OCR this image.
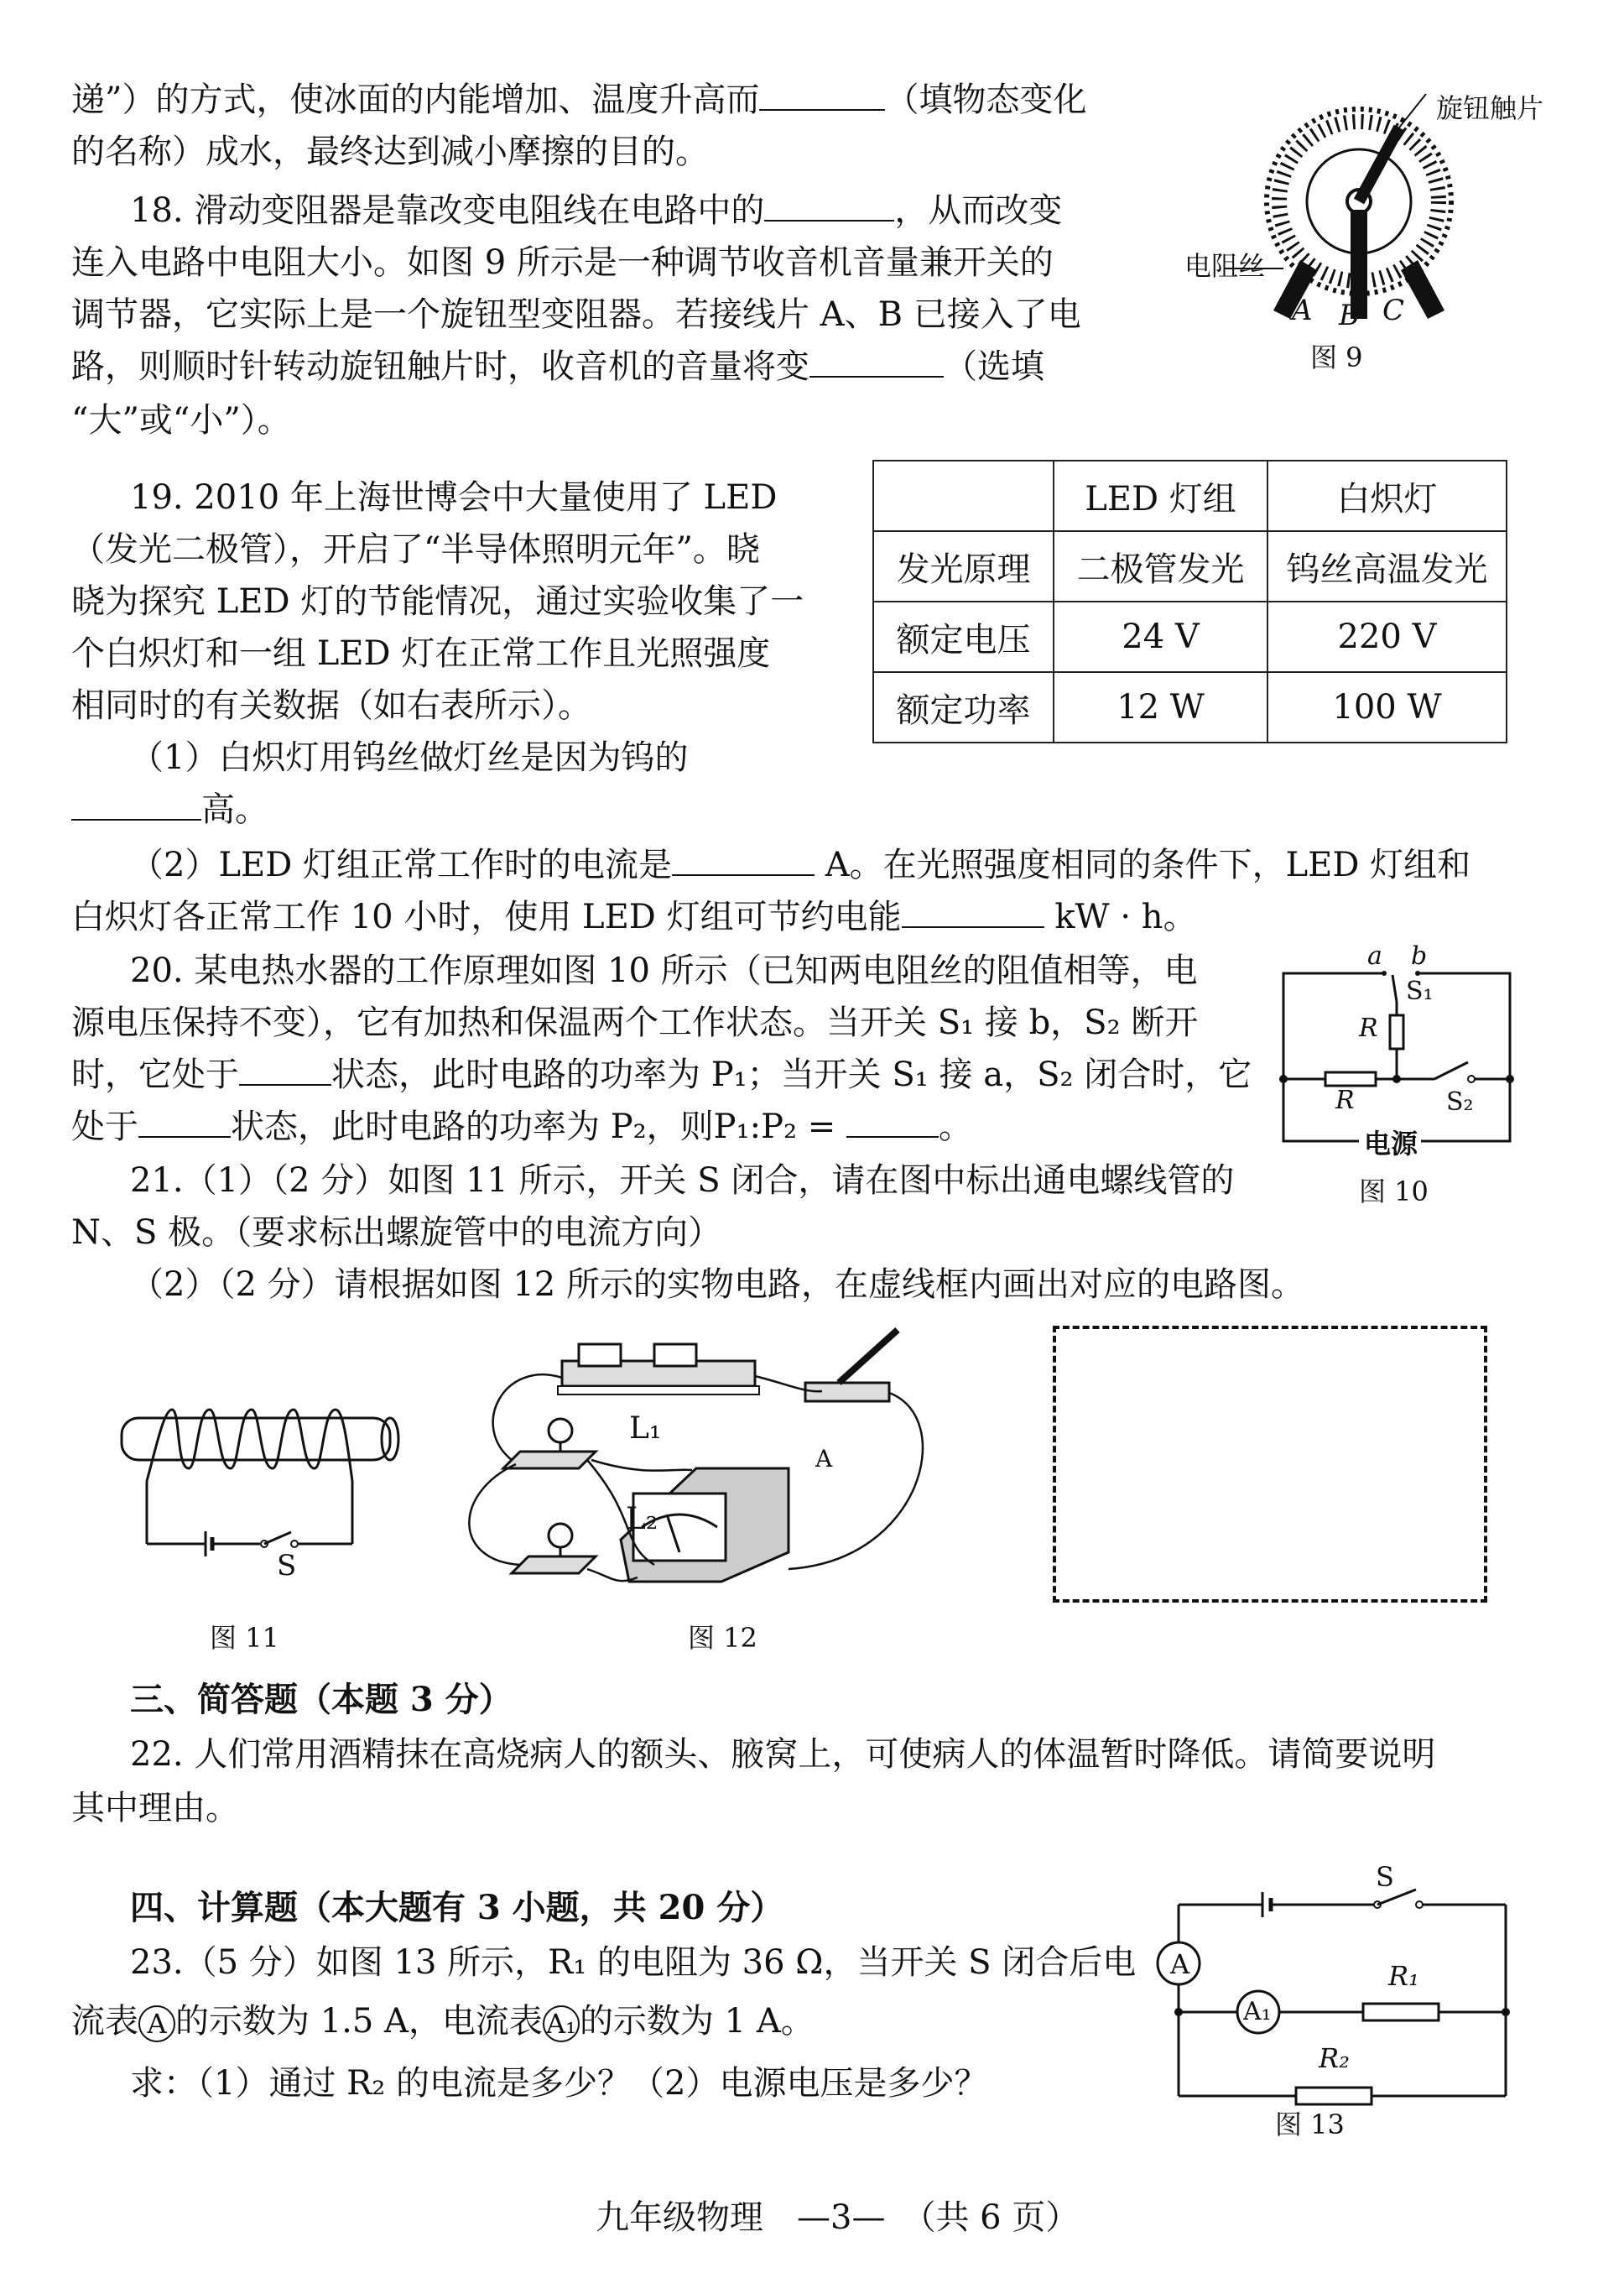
递”）的方式，使冰面的内能增加、温度升高而	（填物态变化
的名称）成水，最终达到减小摩擦的目的。
18. 滑动变阻器是靠改变电阻线在电路中的	，从而改变
连入电路中电阻大小。如图 9 所示是一种调节收音机音量兼开关的
调节器，它实际上是一个旋钮型变阻器。若接线片 A、B 已接入了电
路，则顺时针转动旋钮触片时，收音机的音量将变	（选填
“大”或“小”）。
旋钮触片
电阻丝
A B C
图 9
19. 2010 年上海世博会中大量使用了 LED
（发光二极管），开启了“半导体照明元年”。晓
晓为探究 LED 灯的节能情况，通过实验收集了一
个白炽灯和一组 LED 灯在正常工作且光照强度
相同时的有关数据（如右表所示）。
（1）白炽灯用钨丝做灯丝是因为钨的
高。
（2）LED 灯组正常工作时的电流是	A。在光照强度相同的条件下，LED 灯组和
白炽灯各正常工作 10 小时，使用 LED 灯组可节约电能	kW · h。
	LED 灯组	白炽灯
发光原理	二极管发光	钨丝高温发光
额定电压	24 V	220 V
额定功率	12 W	100 W
20. 某电热水器的工作原理如图 10 所示（已知两电阻丝的阻值相等，电
源电压保持不变），它有加热和保温两个工作状态。当开关 S₁ 接 b，S₂ 断开
时，它处于	状态，此时电路的功率为 P₁；当开关 S₁ 接 a，S₂ 闭合时，它
处于	状态，此时电路的功率为 P₂，则P₁:P₂ =	。
a b
S₁
R
R	S₂
电源
图 10
21.（1）（2 分）如图 11 所示，开关 S 闭合，请在图中标出通电螺线管的
N、S 极。（要求标出螺旋管中的电流方向）
（2）（2 分）请根据如图 12 所示的实物电路，在虚线框内画出对应的电路图。
S
图 11
L₁
L₂
A
图 12
三、简答题（本题 3 分）
22. 人们常用酒精抹在高烧病人的额头、腋窝上，可使病人的体温暂时降低。请简要说明
其中理由。
四、计算题（本大题有 3 小题，共 20 分）
23.（5 分）如图 13 所示，R₁ 的电阻为 36 Ω，当开关 S 闭合后电
流表 A 的示数为 1.5 A，电流表 A₁ 的示数为 1 A。
求：（1）通过 R₂ 的电流是多少？（2）电源电压是多少？
S
A
A₁
R₁
R₂
图 13
九年级物理　—3—　（共 6 页）
